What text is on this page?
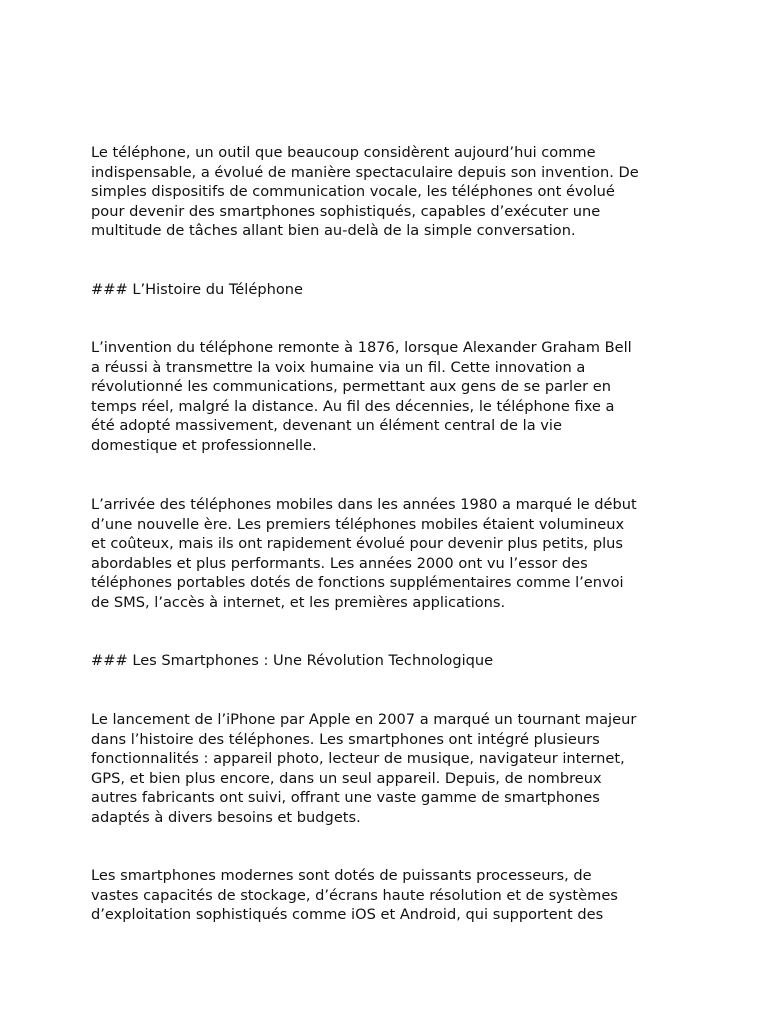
Le téléphone, un outil que beaucoup considèrent aujourd’hui comme
indispensable, a évolué de manière spectaculaire depuis son invention. De
simples dispositifs de communication vocale, les téléphones ont évolué
pour devenir des smartphones sophistiqués, capables d’exécuter une
multitude de tâches allant bien au-delà de la simple conversation.

### L’Histoire du Téléphone

L’invention du téléphone remonte à 1876, lorsque Alexander Graham Bell
a réussi à transmettre la voix humaine via un fil. Cette innovation a
révolutionné les communications, permettant aux gens de se parler en
temps réel, malgré la distance. Au fil des décennies, le téléphone fixe a
été adopté massivement, devenant un élément central de la vie
domestique et professionnelle.

L’arrivée des téléphones mobiles dans les années 1980 a marqué le début
d’une nouvelle ère. Les premiers téléphones mobiles étaient volumineux
et coûteux, mais ils ont rapidement évolué pour devenir plus petits, plus
abordables et plus performants. Les années 2000 ont vu l’essor des
téléphones portables dotés de fonctions supplémentaires comme l’envoi
de SMS, l’accès à internet, et les premières applications.

### Les Smartphones : Une Révolution Technologique

Le lancement de l’iPhone par Apple en 2007 a marqué un tournant majeur
dans l’histoire des téléphones. Les smartphones ont intégré plusieurs
fonctionnalités : appareil photo, lecteur de musique, navigateur internet,
GPS, et bien plus encore, dans un seul appareil. Depuis, de nombreux
autres fabricants ont suivi, offrant une vaste gamme de smartphones
adaptés à divers besoins et budgets.

Les smartphones modernes sont dotés de puissants processeurs, de
vastes capacités de stockage, d’écrans haute résolution et de systèmes
d’exploitation sophistiqués comme iOS et Android, qui supportent des
